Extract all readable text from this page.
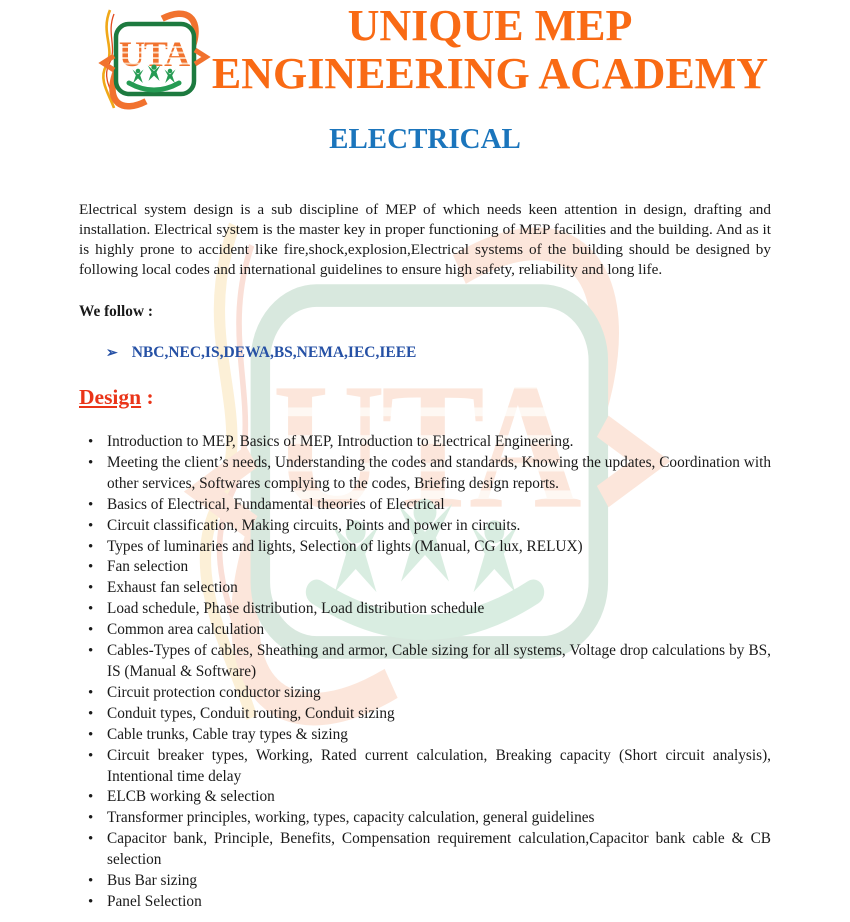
UNIQUE MEP
ENGINEERING ACADEMY
ELECTRICAL

Electrical system design is a sub discipline of MEP of which needs keen attention in design, drafting and installation. Electrical system is the master key in proper functioning of MEP facilities and the building. And as it is highly prone to accident like fire,shock,explosion,Electrical systems of the building should be designed by following local codes and international guidelines to ensure high safety, reliability and long life.

We follow :

➢ NBC,NEC,IS,DEWA,BS,NEMA,IEC,IEEE
Design :
• Introduction to MEP, Basics of MEP, Introduction to Electrical Engineering.
• Meeting the client’s needs, Understanding the codes and standards, Knowing the updates, Coordination with other services, Softwares complying to the codes, Briefing design reports.
• Basics of Electrical, Fundamental theories of Electrical
• Circuit classification, Making circuits, Points and power in circuits.
• Types of luminaries and lights, Selection of lights (Manual, CG lux, RELUX)
• Fan selection
• Exhaust fan selection
• Load schedule, Phase distribution, Load distribution schedule
• Common area calculation
• Cables-Types of cables, Sheathing and armor, Cable sizing for all systems, Voltage drop calculations by BS, IS (Manual & Software)
• Circuit protection conductor sizing
• Conduit types, Conduit routing, Conduit sizing
• Cable trunks, Cable tray types & sizing
• Circuit breaker types, Working, Rated current calculation, Breaking capacity (Short circuit analysis), Intentional time delay
• ELCB working & selection
• Transformer principles, working, types, capacity calculation, general guidelines
• Capacitor bank, Principle, Benefits, Compensation requirement calculation,Capacitor bank cable & CB selection
• Bus Bar sizing
• Panel Selection
